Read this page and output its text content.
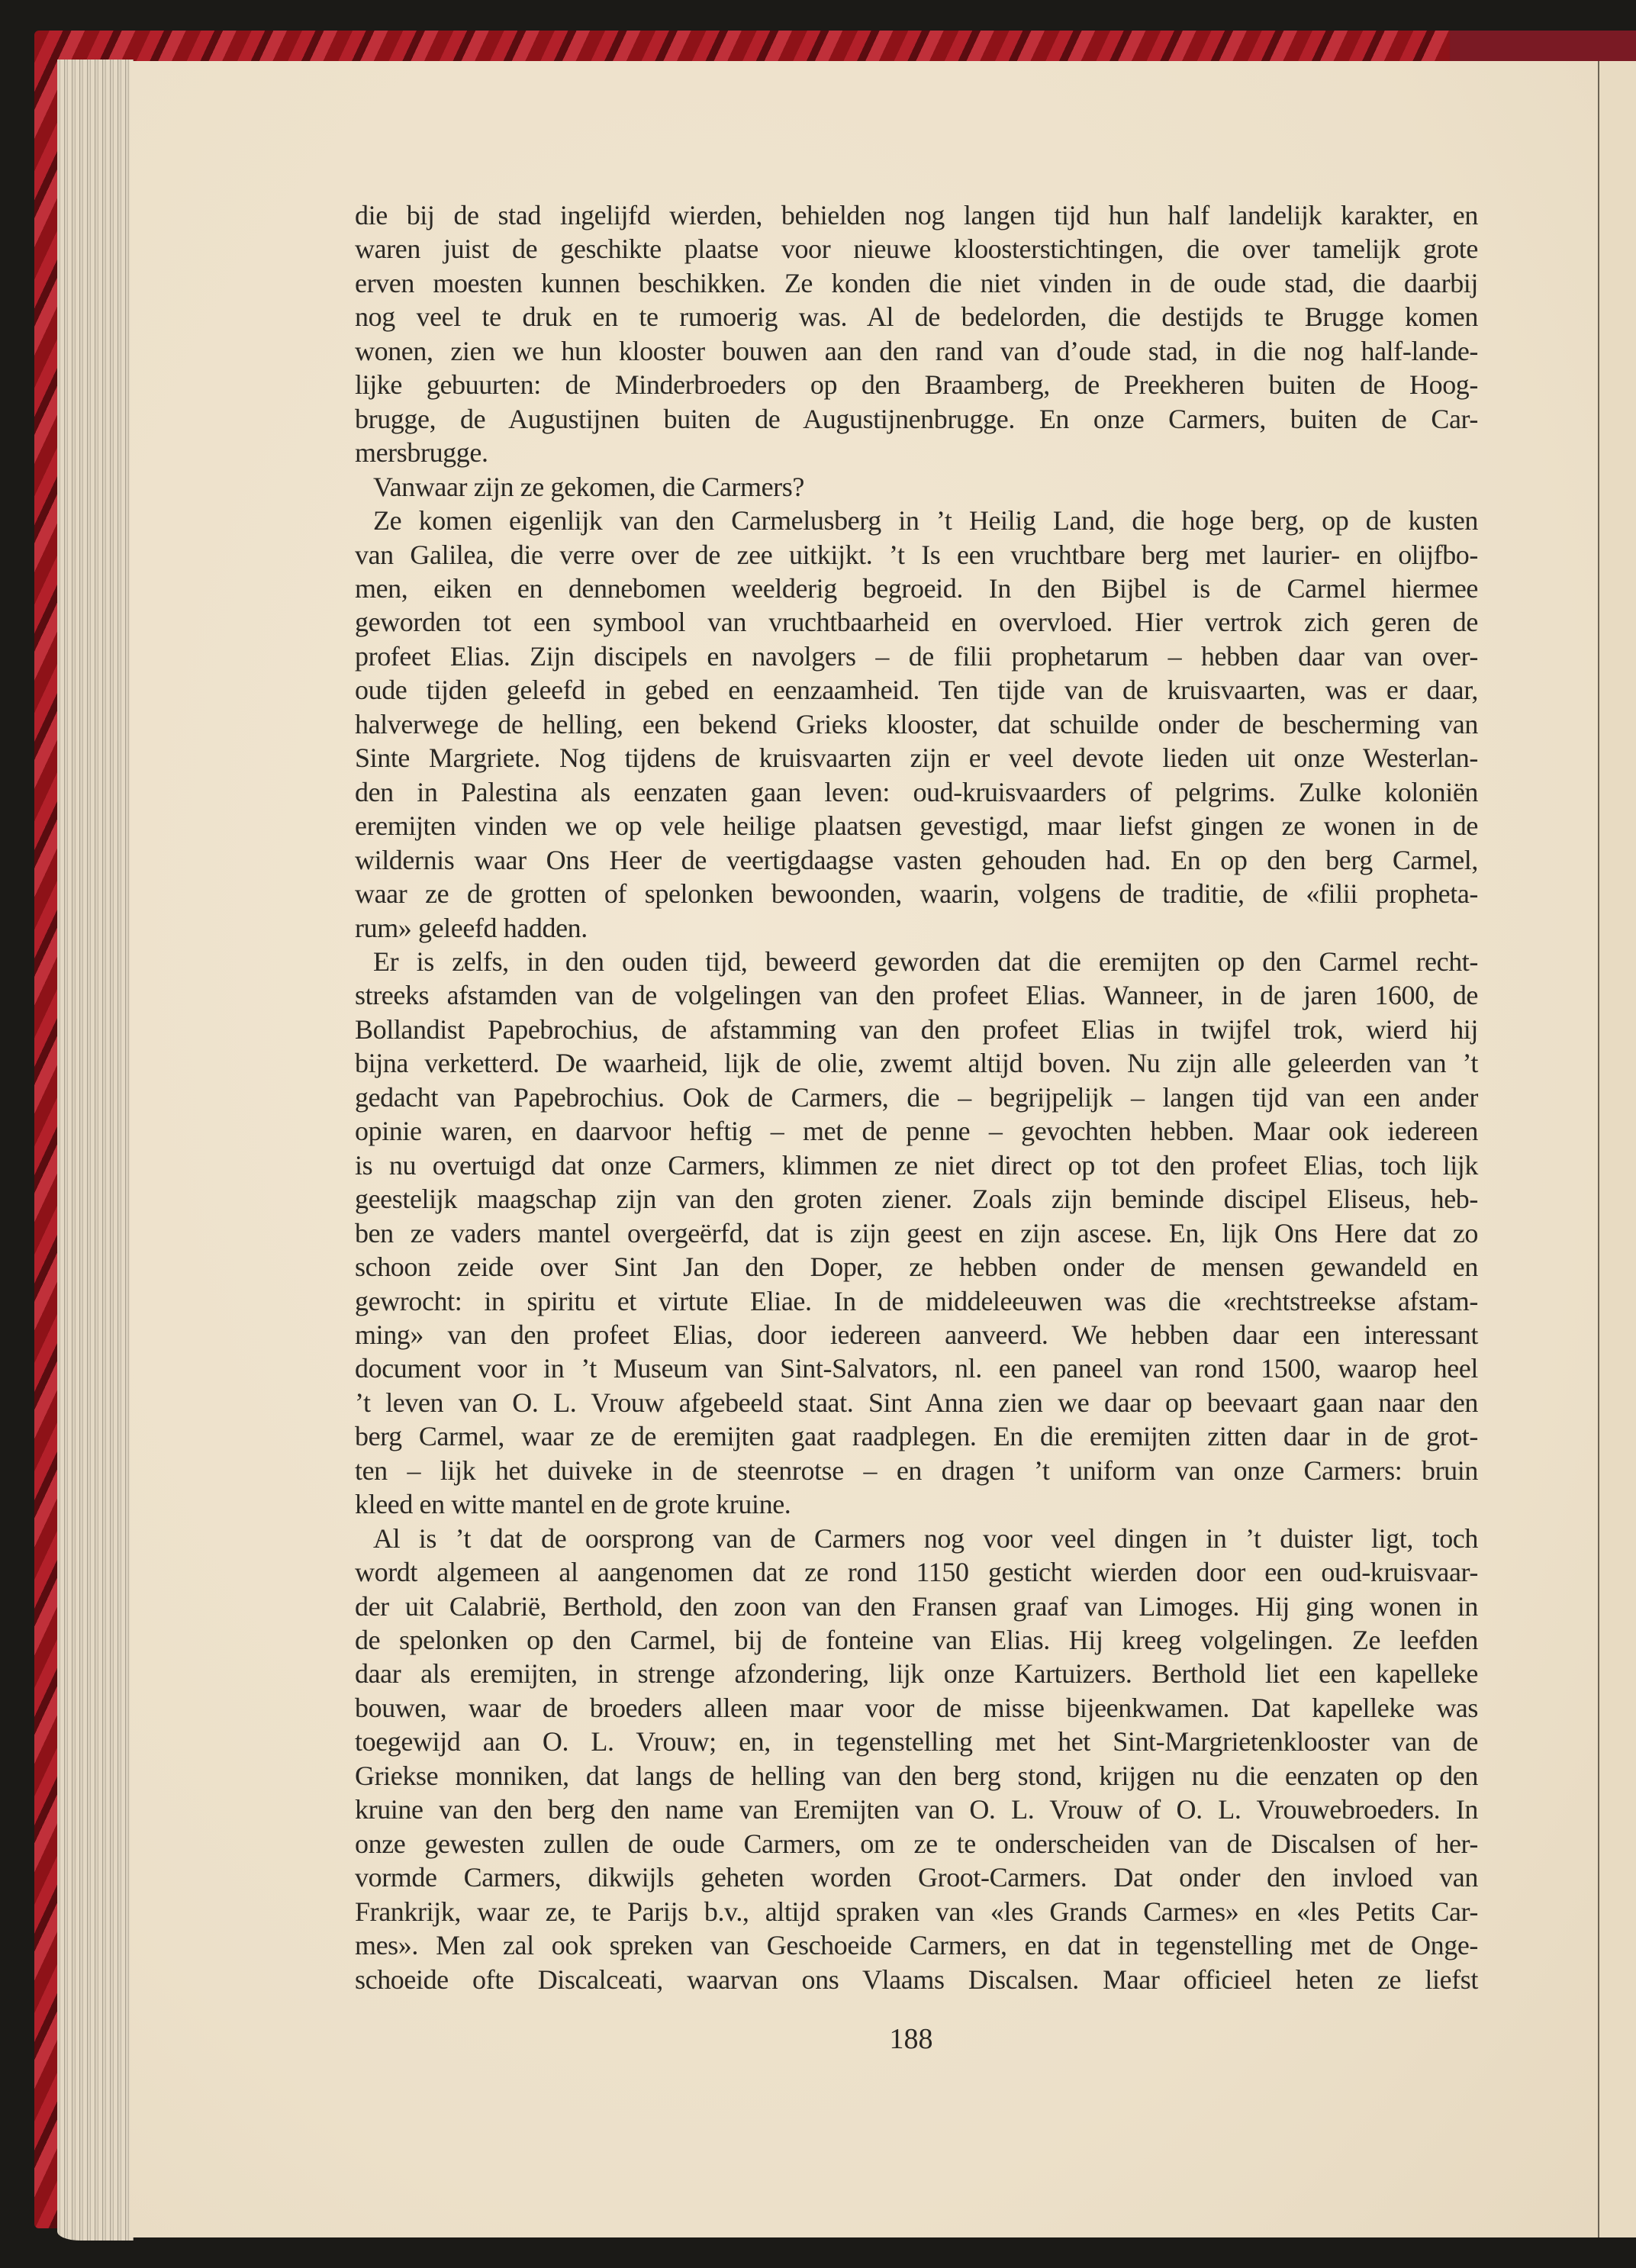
die bij de stad ingelijfd wierden, behielden nog langen tijd hun half landelijk karakter, en
waren juist de geschikte plaatse voor nieuwe kloosterstichtingen, die over tamelijk grote
erven moesten kunnen beschikken. Ze konden die niet vinden in de oude stad, die daarbij
nog veel te druk en te rumoerig was. Al de bedelorden, die destijds te Brugge komen
wonen, zien we hun klooster bouwen aan den rand van d’oude stad, in die nog half-lande-
lijke gebuurten: de Minderbroeders op den Braamberg, de Preekheren buiten de Hoog-
brugge, de Augustijnen buiten de Augustijnenbrugge. En onze Carmers, buiten de Car-
mersbrugge.
Vanwaar zijn ze gekomen, die Carmers?
Ze komen eigenlijk van den Carmelusberg in ’t Heilig Land, die hoge berg, op de kusten
van Galilea, die verre over de zee uitkijkt. ’t Is een vruchtbare berg met laurier- en olijfbo-
men, eiken en dennebomen weelderig begroeid. In den Bijbel is de Carmel hiermee
geworden tot een symbool van vruchtbaarheid en overvloed. Hier vertrok zich geren de
profeet Elias. Zijn discipels en navolgers – de filii prophetarum – hebben daar van over-
oude tijden geleefd in gebed en eenzaamheid. Ten tijde van de kruisvaarten, was er daar,
halverwege de helling, een bekend Grieks klooster, dat schuilde onder de bescherming van
Sinte Margriete. Nog tijdens de kruisvaarten zijn er veel devote lieden uit onze Westerlan-
den in Palestina als eenzaten gaan leven: oud-kruisvaarders of pelgrims. Zulke koloniën
eremijten vinden we op vele heilige plaatsen gevestigd, maar liefst gingen ze wonen in de
wildernis waar Ons Heer de veertigdaagse vasten gehouden had. En op den berg Carmel,
waar ze de grotten of spelonken bewoonden, waarin, volgens de traditie, de «filii propheta-
rum» geleefd hadden.
Er is zelfs, in den ouden tijd, beweerd geworden dat die eremijten op den Carmel recht-
streeks afstamden van de volgelingen van den profeet Elias. Wanneer, in de jaren 1600, de
Bollandist Papebrochius, de afstamming van den profeet Elias in twijfel trok, wierd hij
bijna verketterd. De waarheid, lijk de olie, zwemt altijd boven. Nu zijn alle geleerden van ’t
gedacht van Papebrochius. Ook de Carmers, die – begrijpelijk – langen tijd van een ander
opinie waren, en daarvoor heftig – met de penne – gevochten hebben. Maar ook iedereen
is nu overtuigd dat onze Carmers, klimmen ze niet direct op tot den profeet Elias, toch lijk
geestelijk maagschap zijn van den groten ziener. Zoals zijn beminde discipel Eliseus, heb-
ben ze vaders mantel overgeërfd, dat is zijn geest en zijn ascese. En, lijk Ons Here dat zo
schoon zeide over Sint Jan den Doper, ze hebben onder de mensen gewandeld en
gewrocht: in spiritu et virtute Eliae. In de middeleeuwen was die «rechtstreekse afstam-
ming» van den profeet Elias, door iedereen aanveerd. We hebben daar een interessant
document voor in ’t Museum van Sint-Salvators, nl. een paneel van rond 1500, waarop heel
’t leven van O. L. Vrouw afgebeeld staat. Sint Anna zien we daar op beevaart gaan naar den
berg Carmel, waar ze de eremijten gaat raadplegen. En die eremijten zitten daar in de grot-
ten – lijk het duiveke in de steenrotse – en dragen ’t uniform van onze Carmers: bruin
kleed en witte mantel en de grote kruine.
Al is ’t dat de oorsprong van de Carmers nog voor veel dingen in ’t duister ligt, toch
wordt algemeen al aangenomen dat ze rond 1150 gesticht wierden door een oud-kruisvaar-
der uit Calabrië, Berthold, den zoon van den Fransen graaf van Limoges. Hij ging wonen in
de spelonken op den Carmel, bij de fonteine van Elias. Hij kreeg volgelingen. Ze leefden
daar als eremijten, in strenge afzondering, lijk onze Kartuizers. Berthold liet een kapelleke
bouwen, waar de broeders alleen maar voor de misse bijeenkwamen. Dat kapelleke was
toegewijd aan O. L. Vrouw; en, in tegenstelling met het Sint-Margrietenklooster van de
Griekse monniken, dat langs de helling van den berg stond, krijgen nu die eenzaten op den
kruine van den berg den name van Eremijten van O. L. Vrouw of O. L. Vrouwebroeders. In
onze gewesten zullen de oude Carmers, om ze te onderscheiden van de Discalsen of her-
vormde Carmers, dikwijls geheten worden Groot-Carmers. Dat onder den invloed van
Frankrijk, waar ze, te Parijs b.v., altijd spraken van «les Grands Carmes» en «les Petits Car-
mes». Men zal ook spreken van Geschoeide Carmers, en dat in tegenstelling met de Onge-
schoeide ofte Discalceati, waarvan ons Vlaams Discalsen. Maar officieel heten ze liefst
188
